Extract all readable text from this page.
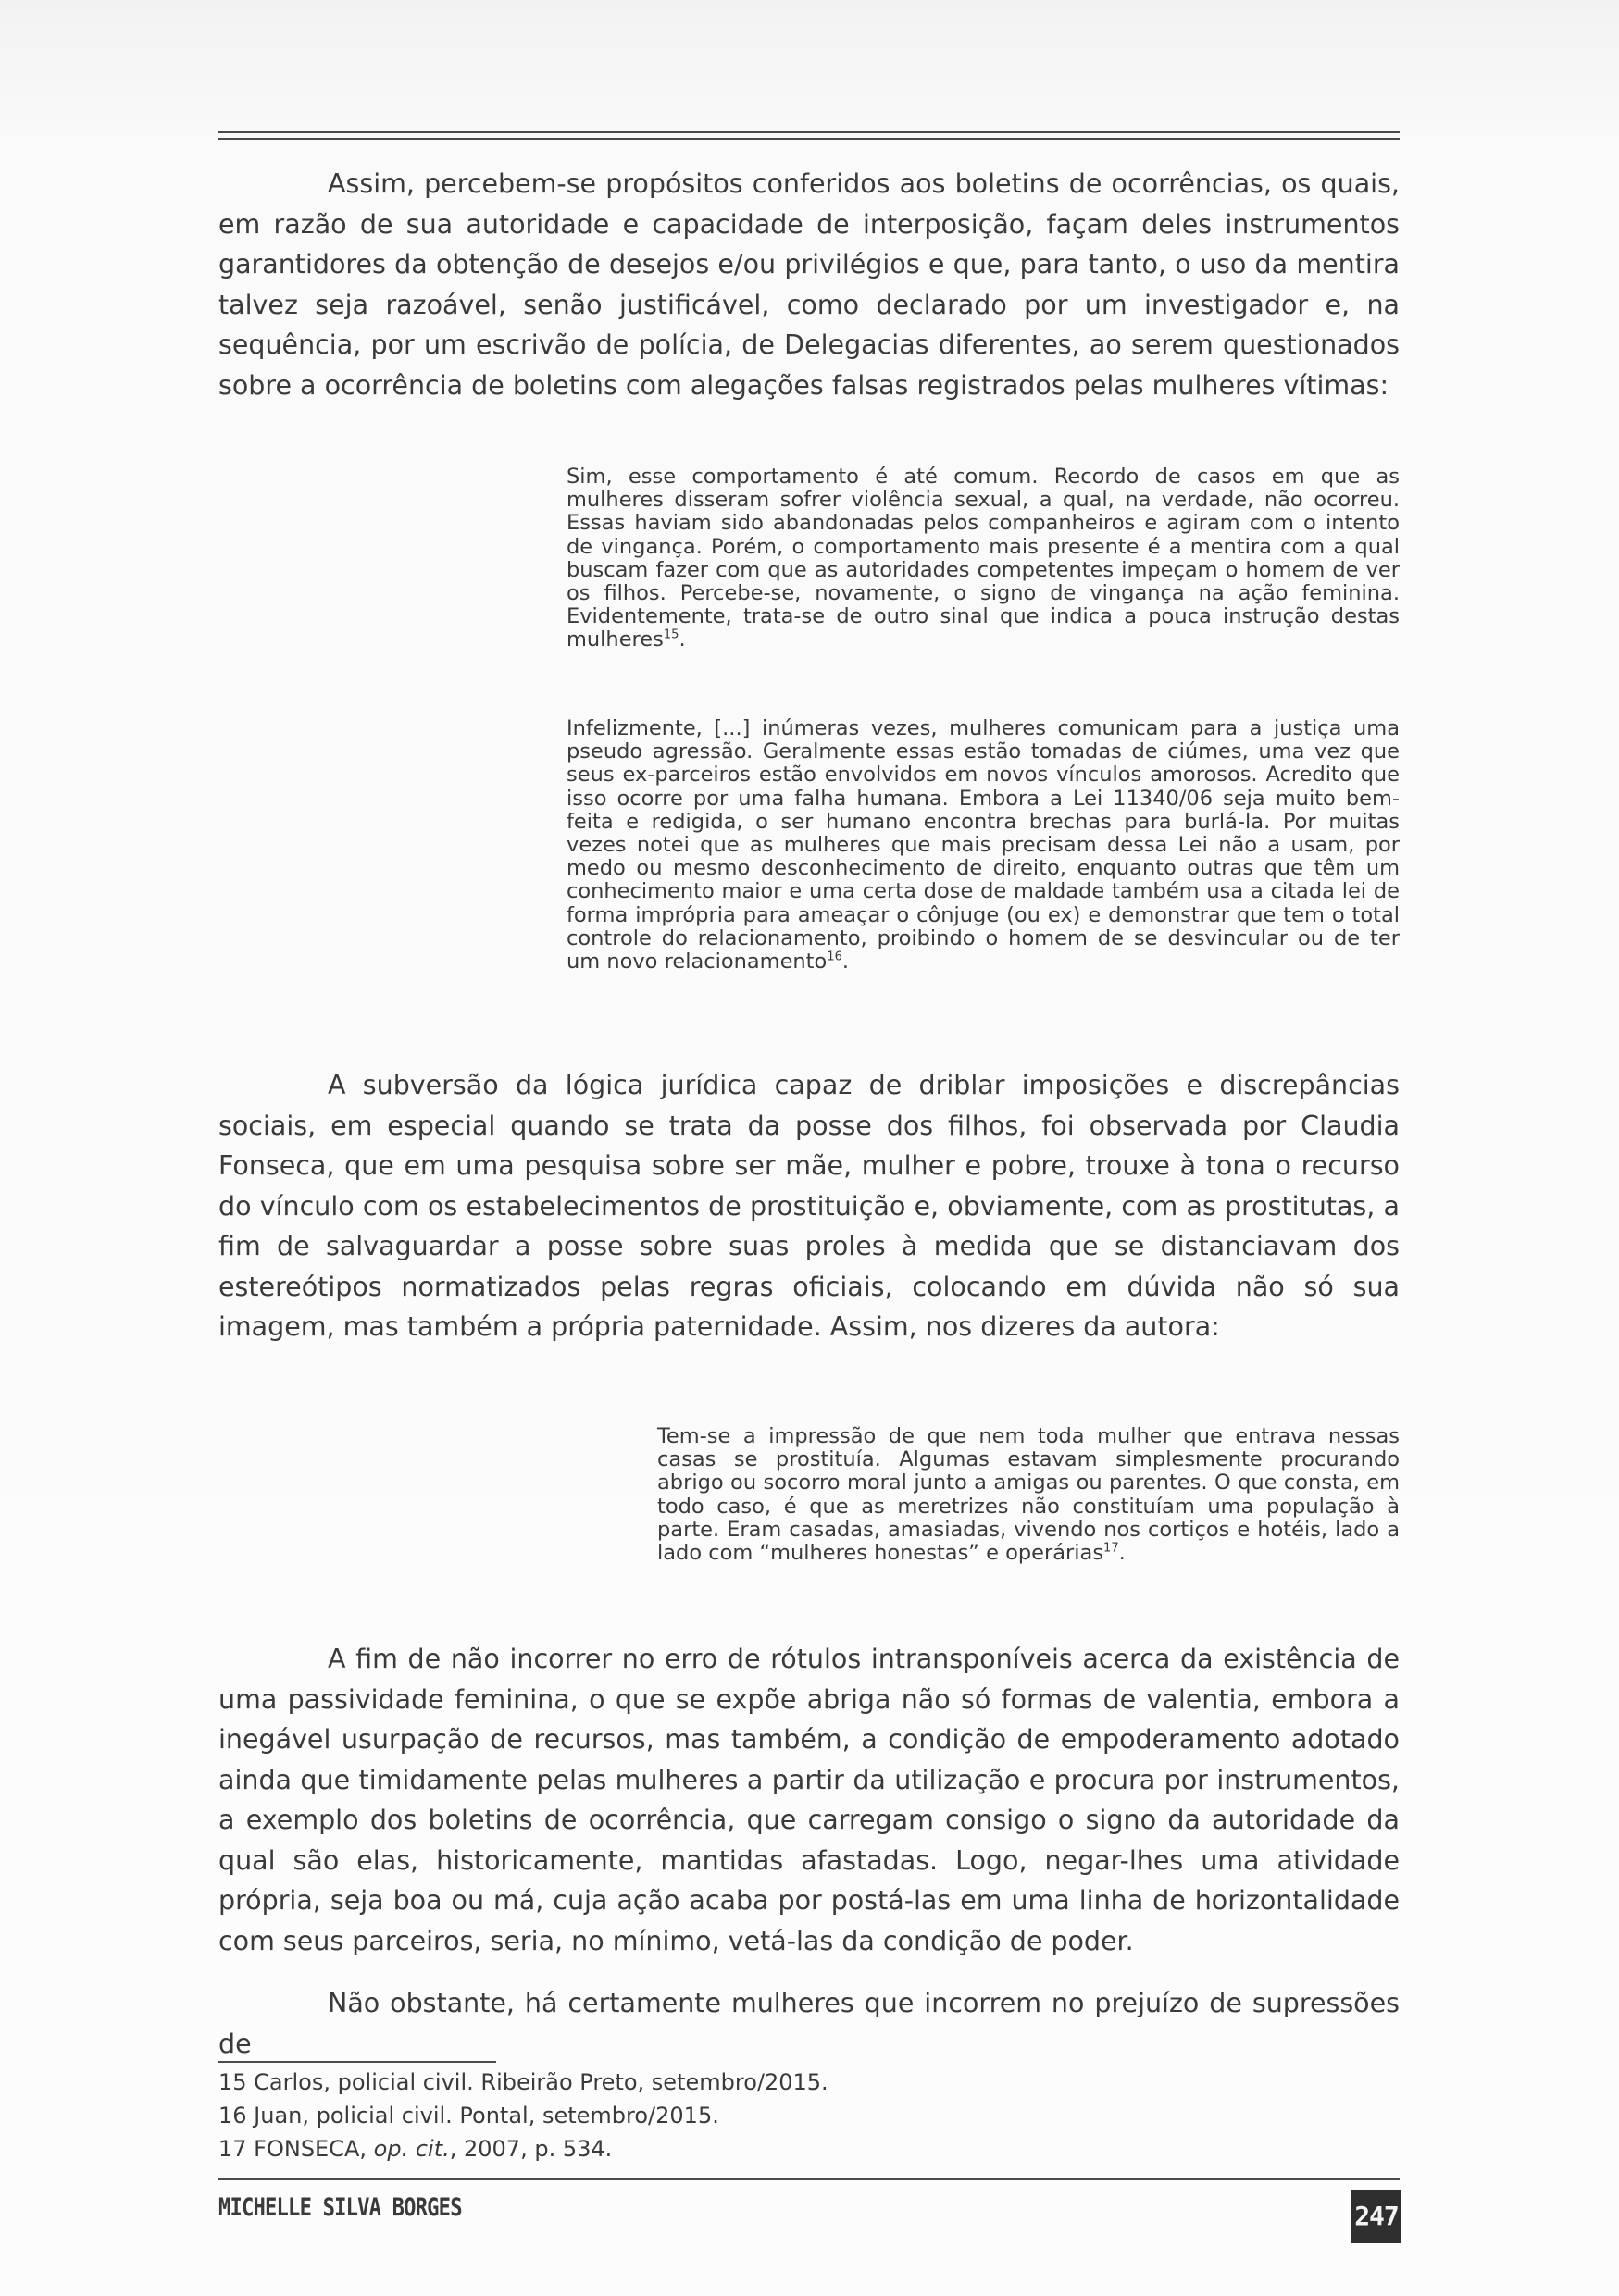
Assim, percebem-se propósitos conferidos aos boletins de ocorrências, os quais, em razão de sua autoridade e capacidade de interposição, façam deles instrumentos garantidores da obtenção de desejos e/ou privilégios e que, para tanto, o uso da mentira talvez seja razoável, senão justificável, como declarado por um investigador e, na sequência, por um escrivão de polícia, de Delegacias diferentes, ao serem questionados sobre a ocorrência de boletins com alegações falsas registrados pelas mulheres vítimas:

Sim, esse comportamento é até comum. Recordo de casos em que as mulheres disseram sofrer violência sexual, a qual, na verdade, não ocorreu. Essas haviam sido abandonadas pelos companheiros e agiram com o intento de vingança. Porém, o comportamento mais presente é a mentira com a qual buscam fazer com que as autoridades competentes impeçam o homem de ver os filhos. Percebe-se, novamente, o signo de vingança na ação feminina. Evidentemente, trata-se de outro sinal que indica a pouca instrução destas mulheres$^{15}$.

Infelizmente, [...] inúmeras vezes, mulheres comunicam para a justiça uma pseudo agressão. Geralmente essas estão tomadas de ciúmes, uma vez que seus ex-parceiros estão envolvidos em novos vínculos amorosos. Acredito que isso ocorre por uma falha humana. Embora a Lei 11340/06 seja muito bem-feita e redigida, o ser humano encontra brechas para burlá-la. Por muitas vezes notei que as mulheres que mais precisam dessa Lei não a usam, por medo ou mesmo desconhecimento de direito, enquanto outras que têm um conhecimento maior e uma certa dose de maldade também usa a citada lei de forma imprópria para ameaçar o cônjuge (ou ex) e demonstrar que tem o total controle do relacionamento, proibindo o homem de se desvincular ou de ter um novo relacionamento$^{16}$.

A subversão da lógica jurídica capaz de driblar imposições e discrepâncias sociais, em especial quando se trata da posse dos filhos, foi observada por Claudia Fonseca, que em uma pesquisa sobre ser mãe, mulher e pobre, trouxe à tona o recurso do vínculo com os estabelecimentos de prostituição e, obviamente, com as prostitutas, a fim de salvaguardar a posse sobre suas proles à medida que se distanciavam dos estereótipos normatizados pelas regras oficiais, colocando em dúvida não só sua imagem, mas também a própria paternidade. Assim, nos dizeres da autora:

Tem-se a impressão de que nem toda mulher que entrava nessas casas se prostituía. Algumas estavam simplesmente procurando abrigo ou socorro moral junto a amigas ou parentes. O que consta, em todo caso, é que as meretrizes não constituíam uma população à parte. Eram casadas, amasiadas, vivendo nos cortiços e hotéis, lado a lado com “mulheres honestas” e operárias$^{17}$.

A fim de não incorrer no erro de rótulos intransponíveis acerca da existência de uma passividade feminina, o que se expõe abriga não só formas de valentia, embora a inegável usurpação de recursos, mas também, a condição de empoderamento adotado ainda que timidamente pelas mulheres a partir da utilização e procura por instrumentos, a exemplo dos boletins de ocorrência, que carregam consigo o signo da autoridade da qual são elas, historicamente, mantidas afastadas. Logo, negar-lhes uma atividade própria, seja boa ou má, cuja ação acaba por postá-las em uma linha de horizontalidade com seus parceiros, seria, no mínimo, vetá-las da condição de poder.

Não obstante, há certamente mulheres que incorrem no prejuízo de supressões de

15 Carlos, policial civil. Ribeirão Preto, setembro/2015.
16 Juan, policial civil. Pontal, setembro/2015.
17 FONSECA, op. cit., 2007, p. 534.
MICHELLE SILVA BORGES	247
